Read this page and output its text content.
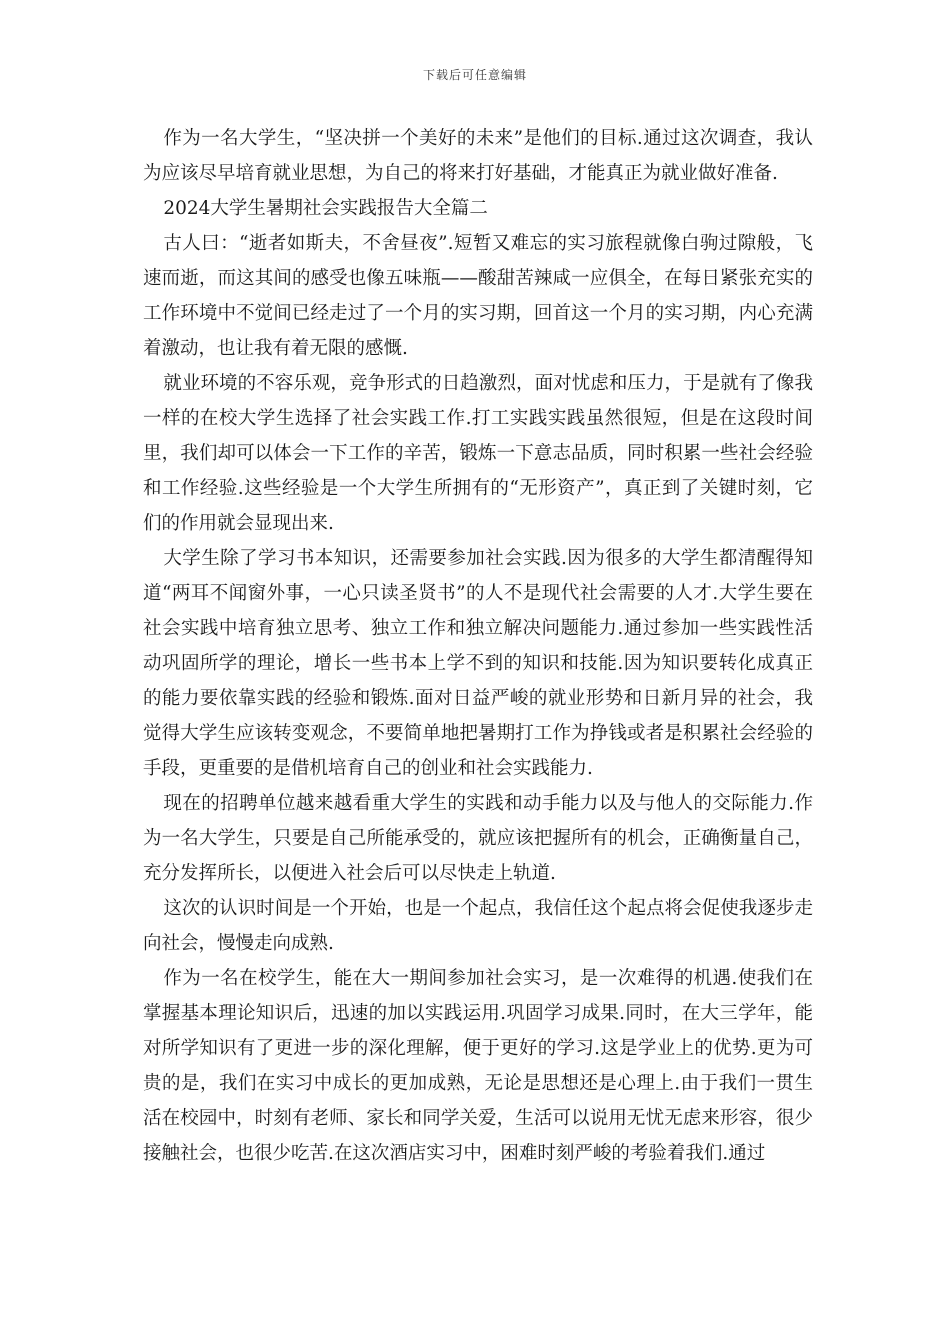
下载后可任意编辑

作为一名大学生，“坚决拼一个美好的未来”是他们的目标.通过这次调查，我认为应该尽早培育就业思想，为自己的将来打好基础，才能真正为就业做好准备.

2024大学生暑期社会实践报告大全篇二

古人曰：“逝者如斯夫，不舍昼夜”.短暂又难忘的实习旅程就像白驹过隙般，飞速而逝，而这其间的感受也像五味瓶——酸甜苦辣咸一应俱全，在每日紧张充实的工作环境中不觉间已经走过了一个月的实习期，回首这一个月的实习期，内心充满着激动，也让我有着无限的感慨.

就业环境的不容乐观，竞争形式的日趋激烈，面对忧虑和压力，于是就有了像我一样的在校大学生选择了社会实践工作.打工实践实践虽然很短，但是在这段时间里，我们却可以体会一下工作的辛苦，锻炼一下意志品质，同时积累一些社会经验和工作经验.这些经验是一个大学生所拥有的“无形资产”，真正到了关键时刻，它们的作用就会显现出来.

大学生除了学习书本知识，还需要参加社会实践.因为很多的大学生都清醒得知道“两耳不闻窗外事，一心只读圣贤书”的人不是现代社会需要的人才.大学生要在社会实践中培育独立思考、独立工作和独立解决问题能力.通过参加一些实践性活动巩固所学的理论，增长一些书本上学不到的知识和技能.因为知识要转化成真正的能力要依靠实践的经验和锻炼.面对日益严峻的就业形势和日新月异的社会，我觉得大学生应该转变观念，不要简单地把暑期打工作为挣钱或者是积累社会经验的手段，更重要的是借机培育自己的创业和社会实践能力.

现在的招聘单位越来越看重大学生的实践和动手能力以及与他人的交际能力.作为一名大学生，只要是自己所能承受的，就应该把握所有的机会，正确衡量自己，充分发挥所长，以便进入社会后可以尽快走上轨道.

这次的认识时间是一个开始，也是一个起点，我信任这个起点将会促使我逐步走向社会，慢慢走向成熟.

作为一名在校学生，能在大一期间参加社会实习，是一次难得的机遇.使我们在掌握基本理论知识后，迅速的加以实践运用.巩固学习成果.同时，在大三学年，能对所学知识有了更进一步的深化理解，便于更好的学习.这是学业上的优势.更为可贵的是，我们在实习中成长的更加成熟，无论是思想还是心理上.由于我们一贯生活在校园中，时刻有老师、家长和同学关爱，生活可以说用无忧无虑来形容，很少接触社会，也很少吃苦.在这次酒店实习中，困难时刻严峻的考验着我们.通过
